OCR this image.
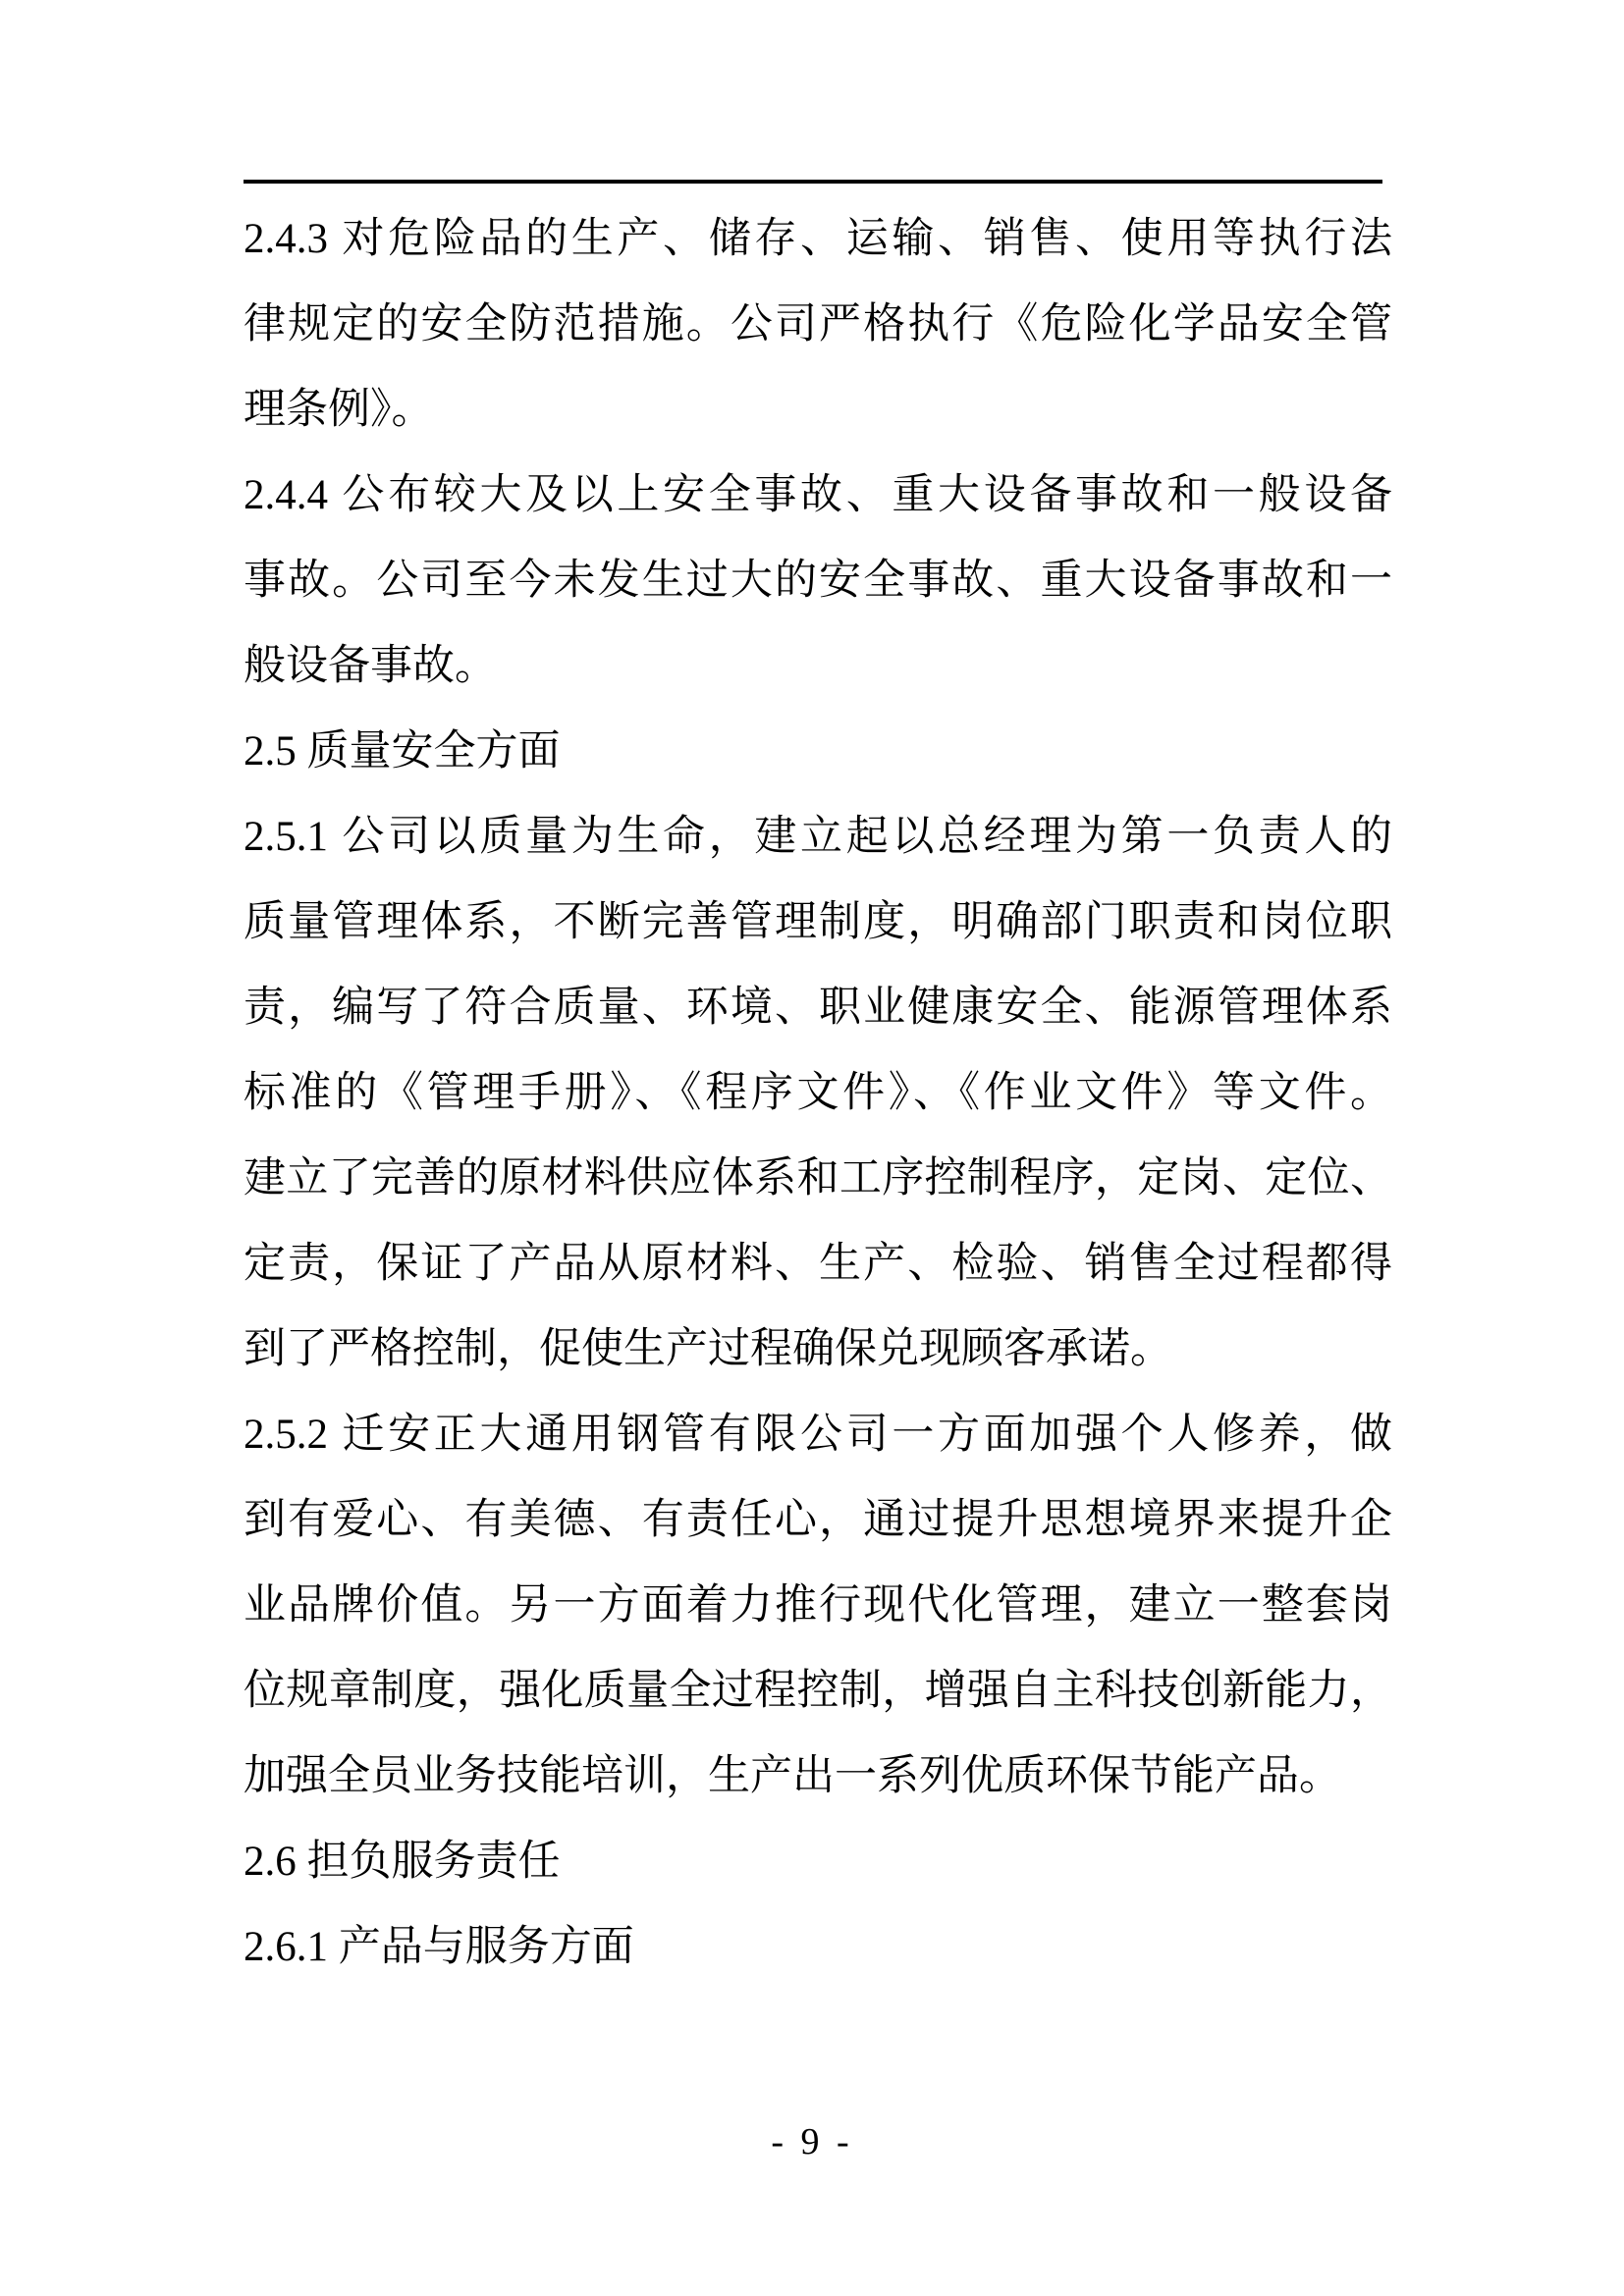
2.4.3 对危险品的生产、储存、运输、销售、使用等执行法
律规定的安全防范措施。公司严格执行《危险化学品安全管
理条例》。
2.4.4 公布较大及以上安全事故、重大设备事故和一般设备
事故。公司至今未发生过大的安全事故、重大设备事故和一
般设备事故。
2.5 质量安全方面
2.5.1 公司以质量为生命，建立起以总经理为第一负责人的
质量管理体系，不断完善管理制度，明确部门职责和岗位职
责，编写了符合质量、环境、职业健康安全、能源管理体系
标准的《管理手册》、《程序文件》、《作业文件》等文件。
建立了完善的原材料供应体系和工序控制程序，定岗、定位、
定责，保证了产品从原材料、生产、检验、销售全过程都得
到了严格控制，促使生产过程确保兑现顾客承诺。
2.5.2 迁安正大通用钢管有限公司一方面加强个人修养，做
到有爱心、有美德、有责任心，通过提升思想境界来提升企
业品牌价值。另一方面着力推行现代化管理，建立一整套岗
位规章制度，强化质量全过程控制，增强自主科技创新能力，
加强全员业务技能培训，生产出一系列优质环保节能产品。
2.6 担负服务责任
2.6.1 产品与服务方面
- 9 -
